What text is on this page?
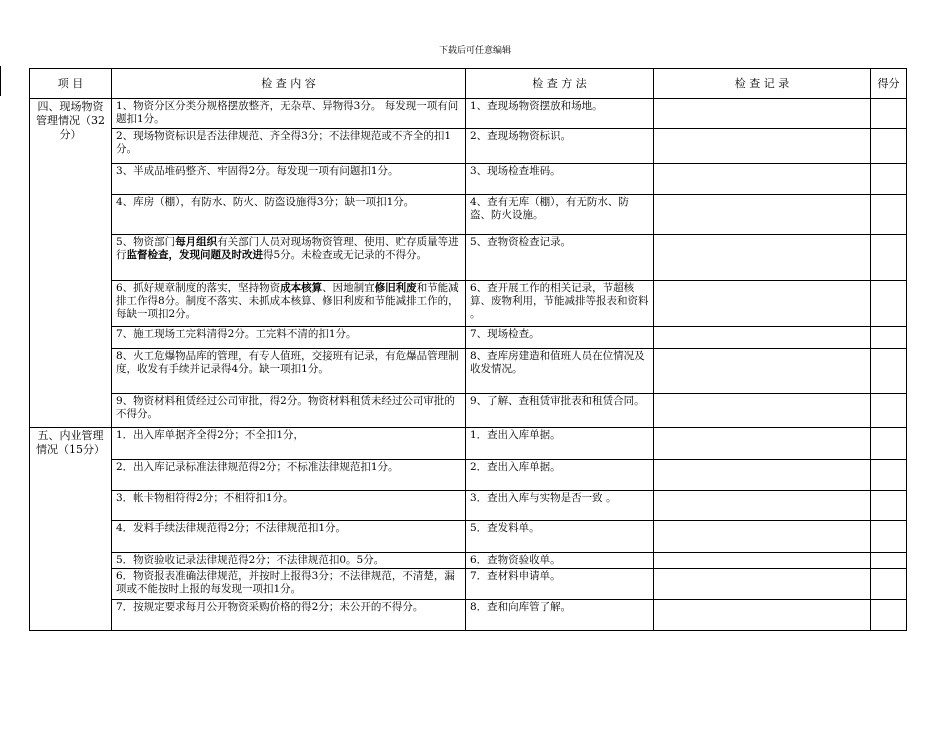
下载后可任意编辑
项 目	检 查 内 容	检 查 方 法	检 查 记 录	得分
四、现场物资管理情况（32分）	1、物资分区分类分规格摆放整齐，无杂草、异物得3分。 每发现一项有问题扣1分。	1、查现场物资摆放和场地。		
	2、现场物资标识是否法律规范、齐全得3分；不法律规范或不齐全的扣1分。	2、查现场物资标识。		
	3、半成品堆码整齐、牢固得2分。每发现一项有问题扣1分。	3、现场检查堆码。		
	4、库房（棚），有防水、防火、防盗设施得3分；缺一项扣1分。	4、查有无库（棚），有无防水、防盗、防火设施。		
	5、物资部门每月组织有关部门人员对现场物资管理、使用、贮存质量等进行监督检查，发现问题及时改进得5分。未检查或无记录的不得分。	5、查物资检查记录。		
	6、抓好规章制度的落实，坚持物资成本核算、因地制宜修旧利废和节能减排工作得8分。制度不落实、未抓成本核算、修旧利废和节能减排工作的，每缺一项扣2分。	6、查开展工作的相关记录，节超核算、废物利用，节能减排等报表和资料 。		
	7、施工现场工完料清得2分。工完料不清的扣1分。	7、现场检查。		
	8、火工危爆物品库的管理，有专人值班，交接班有记录，有危爆品管理制度，收发有手续并记录得4分。缺一项扣1分。	8、查库房建造和值班人员在位情况及收发情况。		
	9、物资材料租赁经过公司审批，得2分。物资材料租赁未经过公司审批的不得分。	9、了解、查租赁审批表和租赁合同。		
五、内业管理情况（15分）	1．出入库单据齐全得2分；不全扣1分，	1．查出入库单据。		
	2．出入库记录标准法律规范得2分；不标准法律规范扣1分。	2．查出入库单据。		
	3．帐卡物相符得2分；不相符扣1分。	3．查出入库与实物是否一致 。		
	4．发料手续法律规范得2分；不法律规范扣1分。	5．查发料单。		
	5．物资验收记录法律规范得2分；不法律规范扣0。5分。	6．查物资验收单。		
	6．物资报表准确法律规范，并按时上报得3分；不法律规范，不清楚，漏项或不能按时上报的每发现一项扣1分。	7．查材料申请单。		
	7．按规定要求每月公开物资采购价格的得2分；未公开的不得分。	8．查和向库管了解。		
